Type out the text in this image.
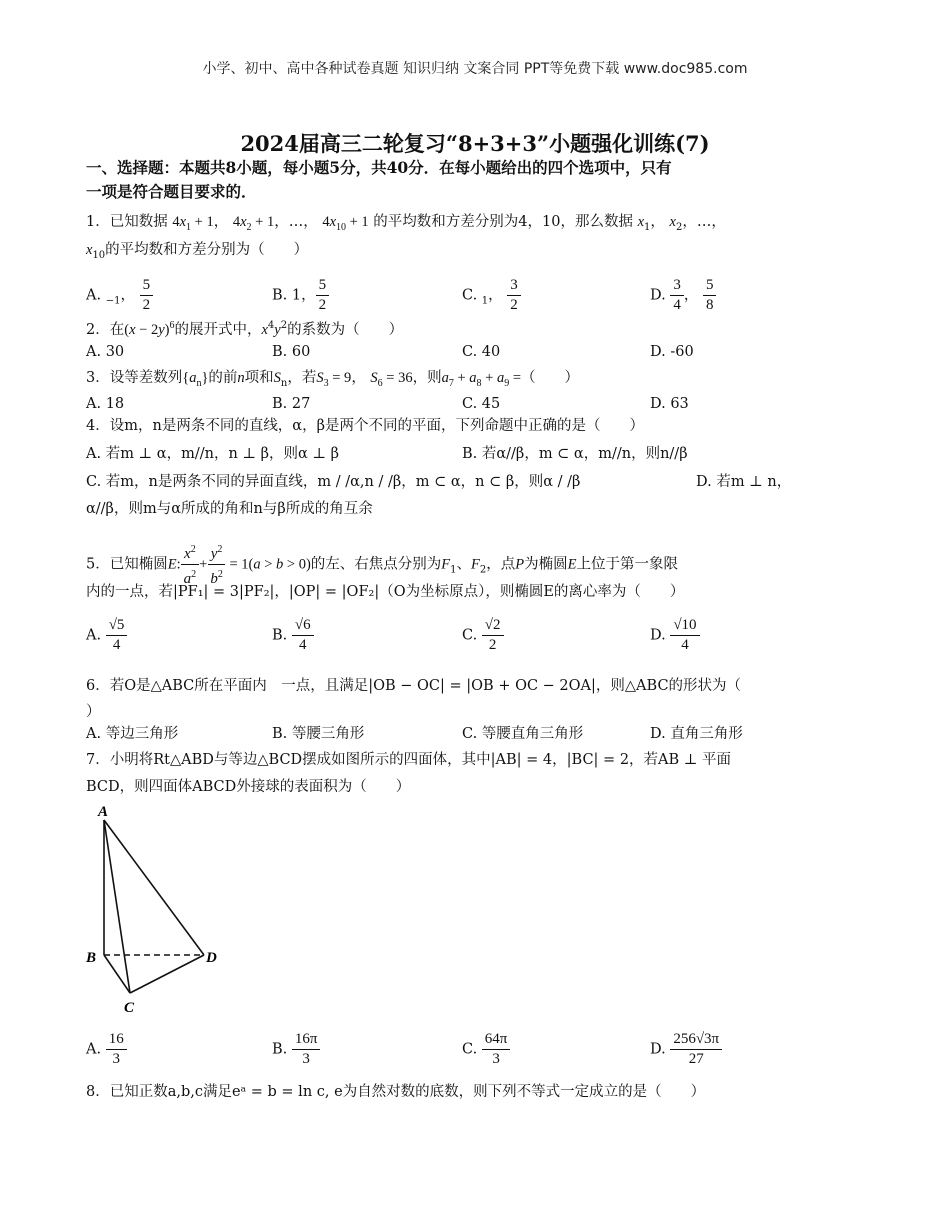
小学、初中、高中各种试卷真题 知识归纳 文案合同 PPT等免费下载 www.doc985.com
2024届高三二轮复习“8+3+3”小题强化训练(7)
一、选择题：本题共8小题，每小题5分，共40分．在每小题给出的四个选项中，只有
一项是符合题目要求的．
1．已知数据 $4x_1 + 1$， $4x_2 + 1$，…， $4x_{10} + 1$ 的平均数和方差分别为4，10，那么数据 $x_1$， $x_2$，…，
$x_{10}$的平均数和方差分别为（　　）
A. $_{-1}$， $\frac{5}{2}$	B. 1， $\frac{5}{2}$	C. $_1$， $\frac{3}{2}$	D. $\frac{3}{4}$ ， $\frac{5}{8}$
2．在$(x - 2y)^6$的展开式中，$x^4y^2$的系数为（　　）
A. 30	B. 60	C. 40	D. -60
3．设等差数列$\{a_n\}$的前n项和$S_n$，若$S_3 = 9$， $S_6 = 36$，则$a_7 + a_8 + a_9$ =（　　）
A. 18	B. 27	C. 45	D. 63
4．设m，n是两条不同的直线，α，β是两个不同的平面，下列命题中正确的是（　　）
A. 若m ⊥ α，m//n，n ⊥ β，则α ⊥ β	B. 若α//β，m ⊂ α，m//n，则n//β
C. 若m，n是两条不同的异面直线，m / /α,n / /β，m ⊂ α，n ⊂ β，则α / /β	D. 若m ⊥ n，
α//β，则m与α所成的角和n与β所成的角互余
5．已知椭圆E: $\frac{x^2}{a^2} + \frac{y^2}{b^2} = 1(a > b > 0)$的左、右焦点分别为$F_1$、$F_2$，点P为椭圆E上位于第一象限
内的一点，若|PF₁| = 3|PF₂|，|OP| = |OF₂|（O为坐标原点），则椭圆E的离心率为（　　）
A. $\frac{√5}{4}$	B. $\frac{√6}{4}$	C. $\frac{√2}{2}$	D. $\frac{√10}{4}$
6．若O是△ABC所在平面内　一点，且满足|OB − OC| = |OB + OC − 2OA|，则△ABC的形状为（
）
A. 等边三角形	B. 等腰三角形	C. 等腰直角三角形	D. 直角三角形
7．小明将Rt△ABD与等边△BCD摆成如图所示的四面体，其中|AB| = 4，|BC| = 2，若AB ⊥ 平面
BCD，则四面体ABCD外接球的表面积为（　　）
A
B
C
D
A. $\frac{16}{3}$	B. $\frac{16\pi}{3}$	C. $\frac{64\pi}{3}$	D. $\frac{256√3\pi}{27}$
8．已知正数a,b,c满足eᵃ = b = ln c, e为自然对数的底数，则下列不等式一定成立的是（　　）
